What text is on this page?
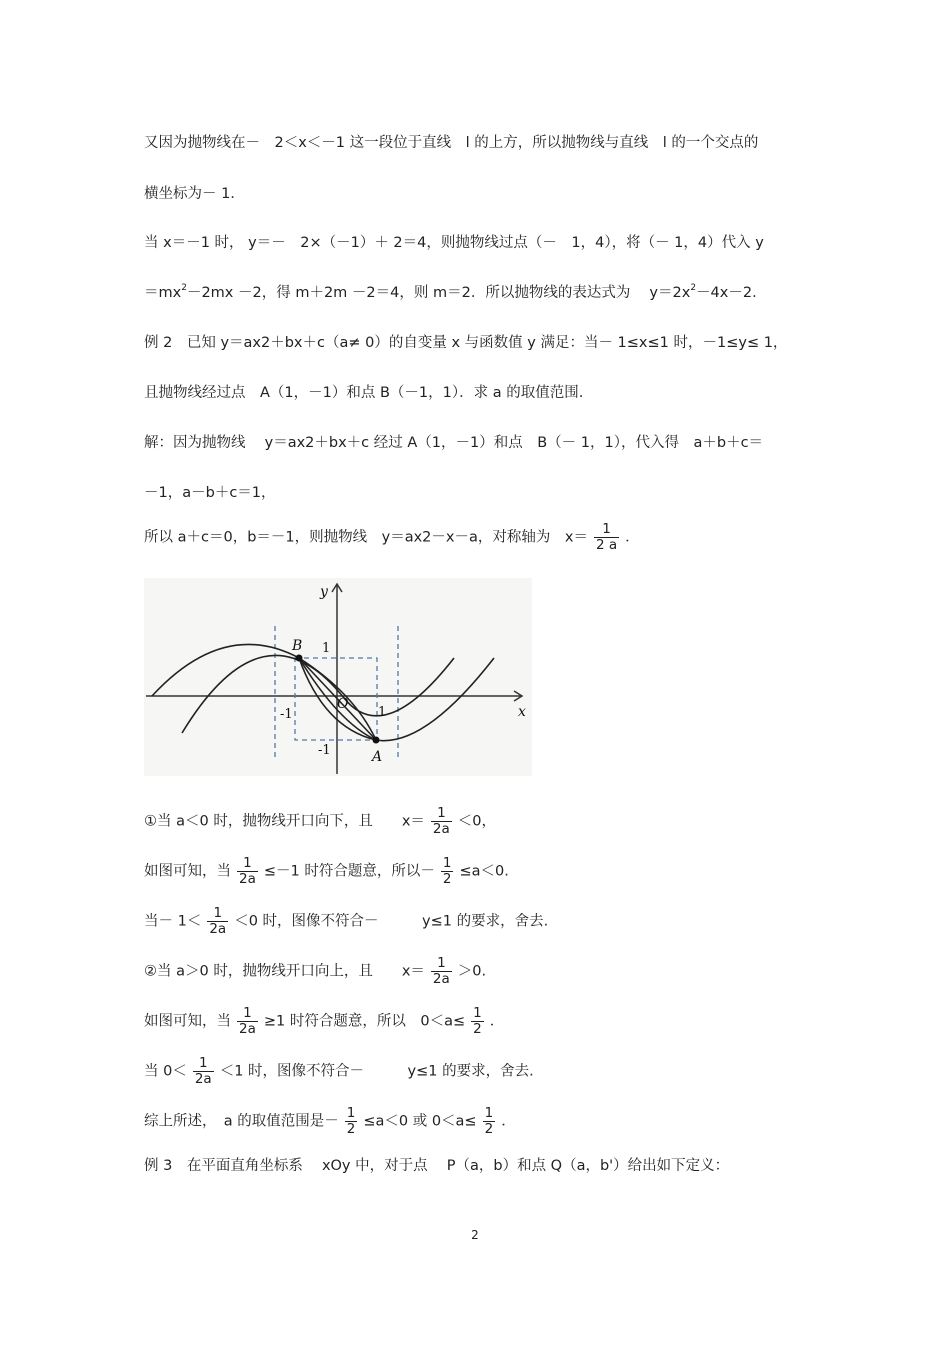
又因为抛物线在－　2＜x＜－1 这一段位于直线　l 的上方，所以抛物线与直线　l 的一个交点的
横坐标为－ 1．
当 x＝－1 时， y＝－　2×（－1）＋ 2＝4，则抛物线过点（－　1，4），将（－ 1，4）代入 y
$=mx^2-2mx -2$，得 m＋2m －2＝4，则 m＝2．所以抛物线的表达式为　 $y=2x^2-4x-2$．
例 2　已知 y＝ax2＋bx＋c（a≠ 0）的自变量 x 与函数值 y 满足：当－ 1≤x≤1 时，－1≤y≤ 1，
且抛物线经过点　A（1，－1）和点 B（－1，1）．求 a 的取值范围.
解：因为抛物线　 y＝ax2＋bx＋c 经过 A（1，－1）和点　B（－ 1，1），代入得　a＋b＋c＝
－1，a－b＋c＝1，
所以 a＋c＝0，b＝－1，则抛物线　y＝ax2－x－a，对称轴为　$x= \frac{1}{2 a}$ ．
x
y
O
A
B
-1	1
1
-1
①当 a＜0 时，抛物线开口向下，且　　$x= \frac{1}{2a} <0$，
如图可知，当 $\frac{1}{2a} \le-1$ 时符合题意，所以－ $\frac{1}{2} \le a<0$.
当－ $1< \frac{1}{2a} <0$ 时，图像不符合－　　　y≤1 的要求，舍去.
②当 a＞0 时，抛物线开口向上，且　　$x= \frac{1}{2a} >0$.
如图可知，当 $\frac{1}{2a} \ge 1$ 时符合题意，所以　$0<a\le \frac{1}{2}$ ．
当 $0< \frac{1}{2a} <1$ 时，图像不符合－　　　y≤1 的要求，舍去.
综上所述，　a 的取值范围是－ $\frac{1}{2} \le a<0$ 或 $0<a\le \frac{1}{2}$ ．
例 3　在平面直角坐标系　 xOy 中，对于点　 P（a，b）和点 Q（a，b'）给出如下定义：
2
